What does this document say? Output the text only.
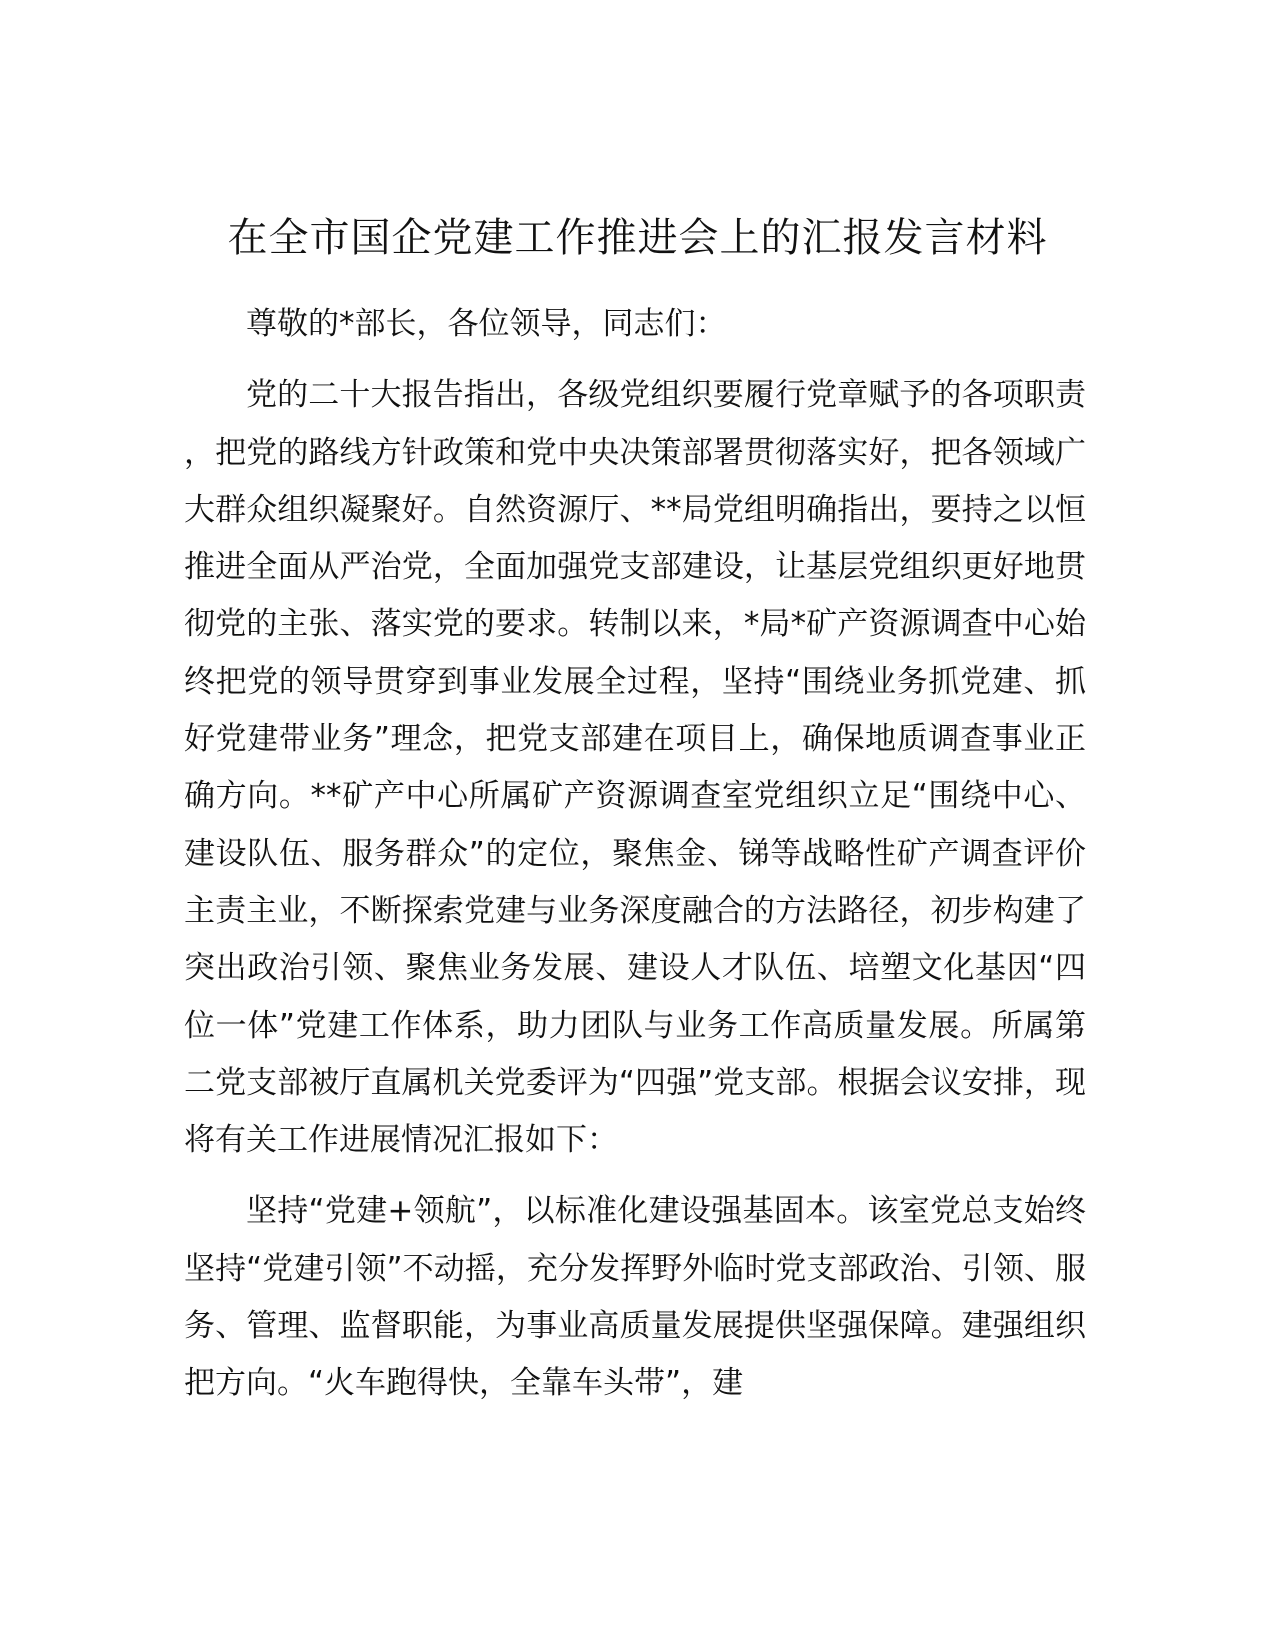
在全市国企党建工作推进会上的汇报发言材料

尊敬的*部长，各位领导，同志们：

党的二十大报告指出，各级党组织要履行党章赋予的各项职责，把党的路线方针政策和党中央决策部署贯彻落实好，把各领域广大群众组织凝聚好。自然资源厅、**局党组明确指出，要持之以恒推进全面从严治党，全面加强党支部建设，让基层党组织更好地贯彻党的主张、落实党的要求。转制以来，*局*矿产资源调查中心始终把党的领导贯穿到事业发展全过程，坚持“围绕业务抓党建、抓好党建带业务”理念，把党支部建在项目上，确保地质调查事业正确方向。**矿产中心所属矿产资源调查室党组织立足“围绕中心、建设队伍、服务群众”的定位，聚焦金、锑等战略性矿产调查评价主责主业，不断探索党建与业务深度融合的方法路径，初步构建了突出政治引领、聚焦业务发展、建设人才队伍、培塑文化基因“四位一体”党建工作体系，助力团队与业务工作高质量发展。所属第二党支部被厅直属机关党委评为“四强”党支部。根据会议安排，现将有关工作进展情况汇报如下：

坚持“党建+领航”，以标准化建设强基固本。该室党总支始终坚持“党建引领”不动摇，充分发挥野外临时党支部政治、引领、服务、管理、监督职能，为事业高质量发展提供坚强保障。建强组织把方向。“火车跑得快，全靠车头带”，建
